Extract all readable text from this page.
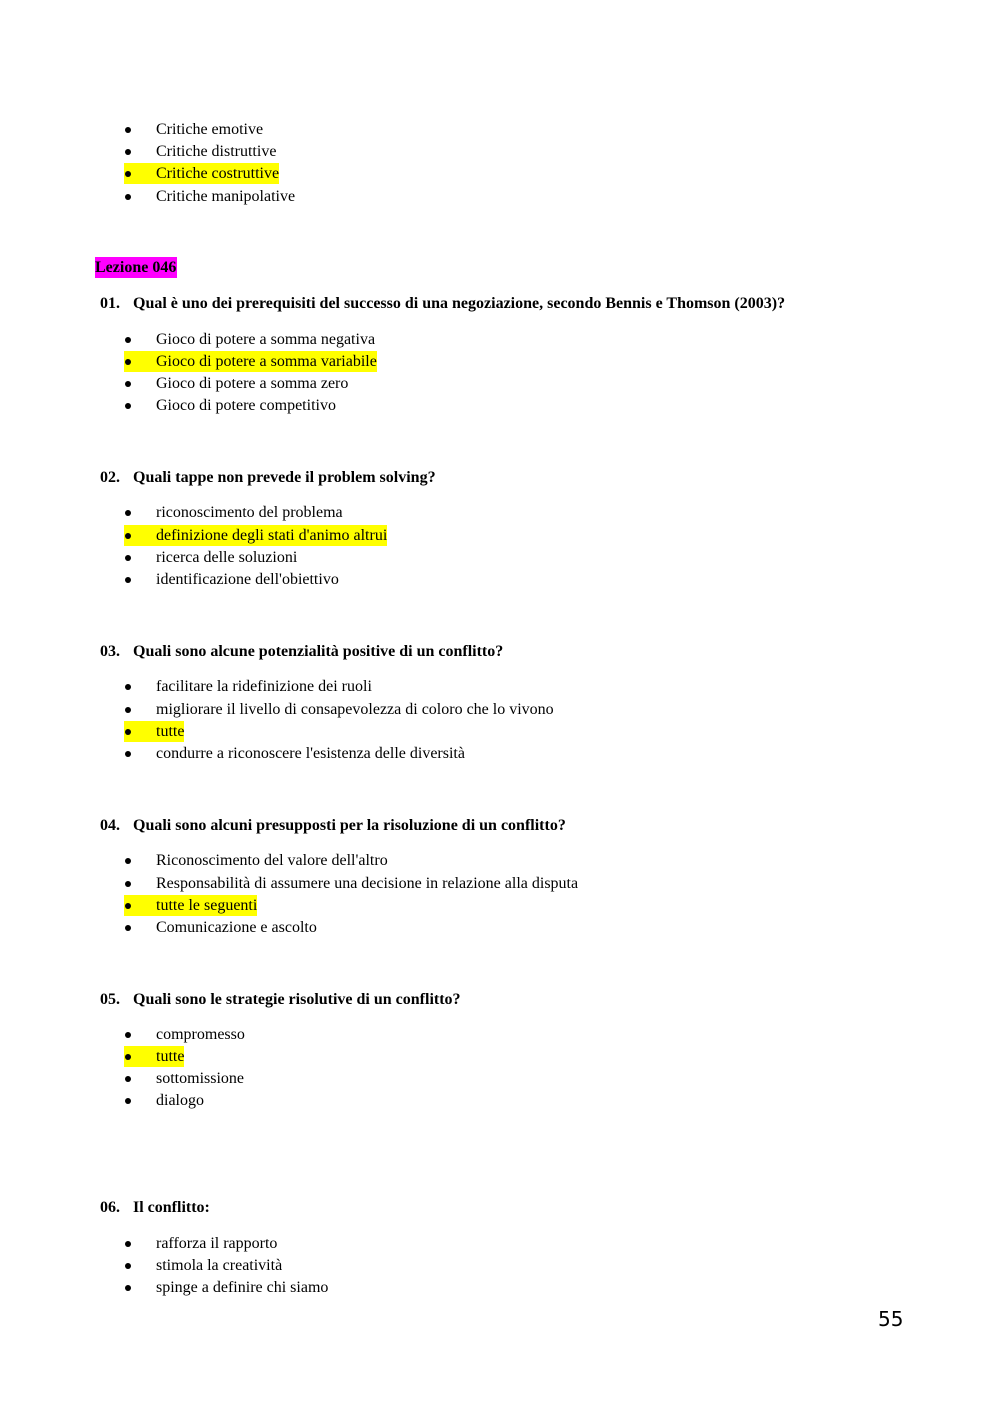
Critiche emotive
Critiche distruttive
Critiche costruttive
Critiche manipolative
Lezione 046
01. Qual è uno dei prerequisiti del successo di una negoziazione, secondo Bennis e Thomson (2003)?
Gioco di potere a somma negativa
Gioco di potere a somma variabile
Gioco di potere a somma zero
Gioco di potere competitivo
02. Quali tappe non prevede il problem solving?
riconoscimento del problema
definizione degli stati d'animo altrui
ricerca delle soluzioni
identificazione dell'obiettivo
03. Quali sono alcune potenzialità positive di un conflitto?
facilitare la ridefinizione dei ruoli
migliorare il livello di consapevolezza di coloro che lo vivono
tutte
condurre a riconoscere l'esistenza delle diversità
04. Quali sono alcuni presupposti per la risoluzione di un conflitto?
Riconoscimento del valore dell'altro
Responsabilità di assumere una decisione in relazione alla disputa
tutte le seguenti
Comunicazione e ascolto
05. Quali sono le strategie risolutive di un conflitto?
compromesso
tutte
sottomissione
dialogo
06. Il conflitto:
rafforza il rapporto
stimola la creatività
spinge a definire chi siamo
55
